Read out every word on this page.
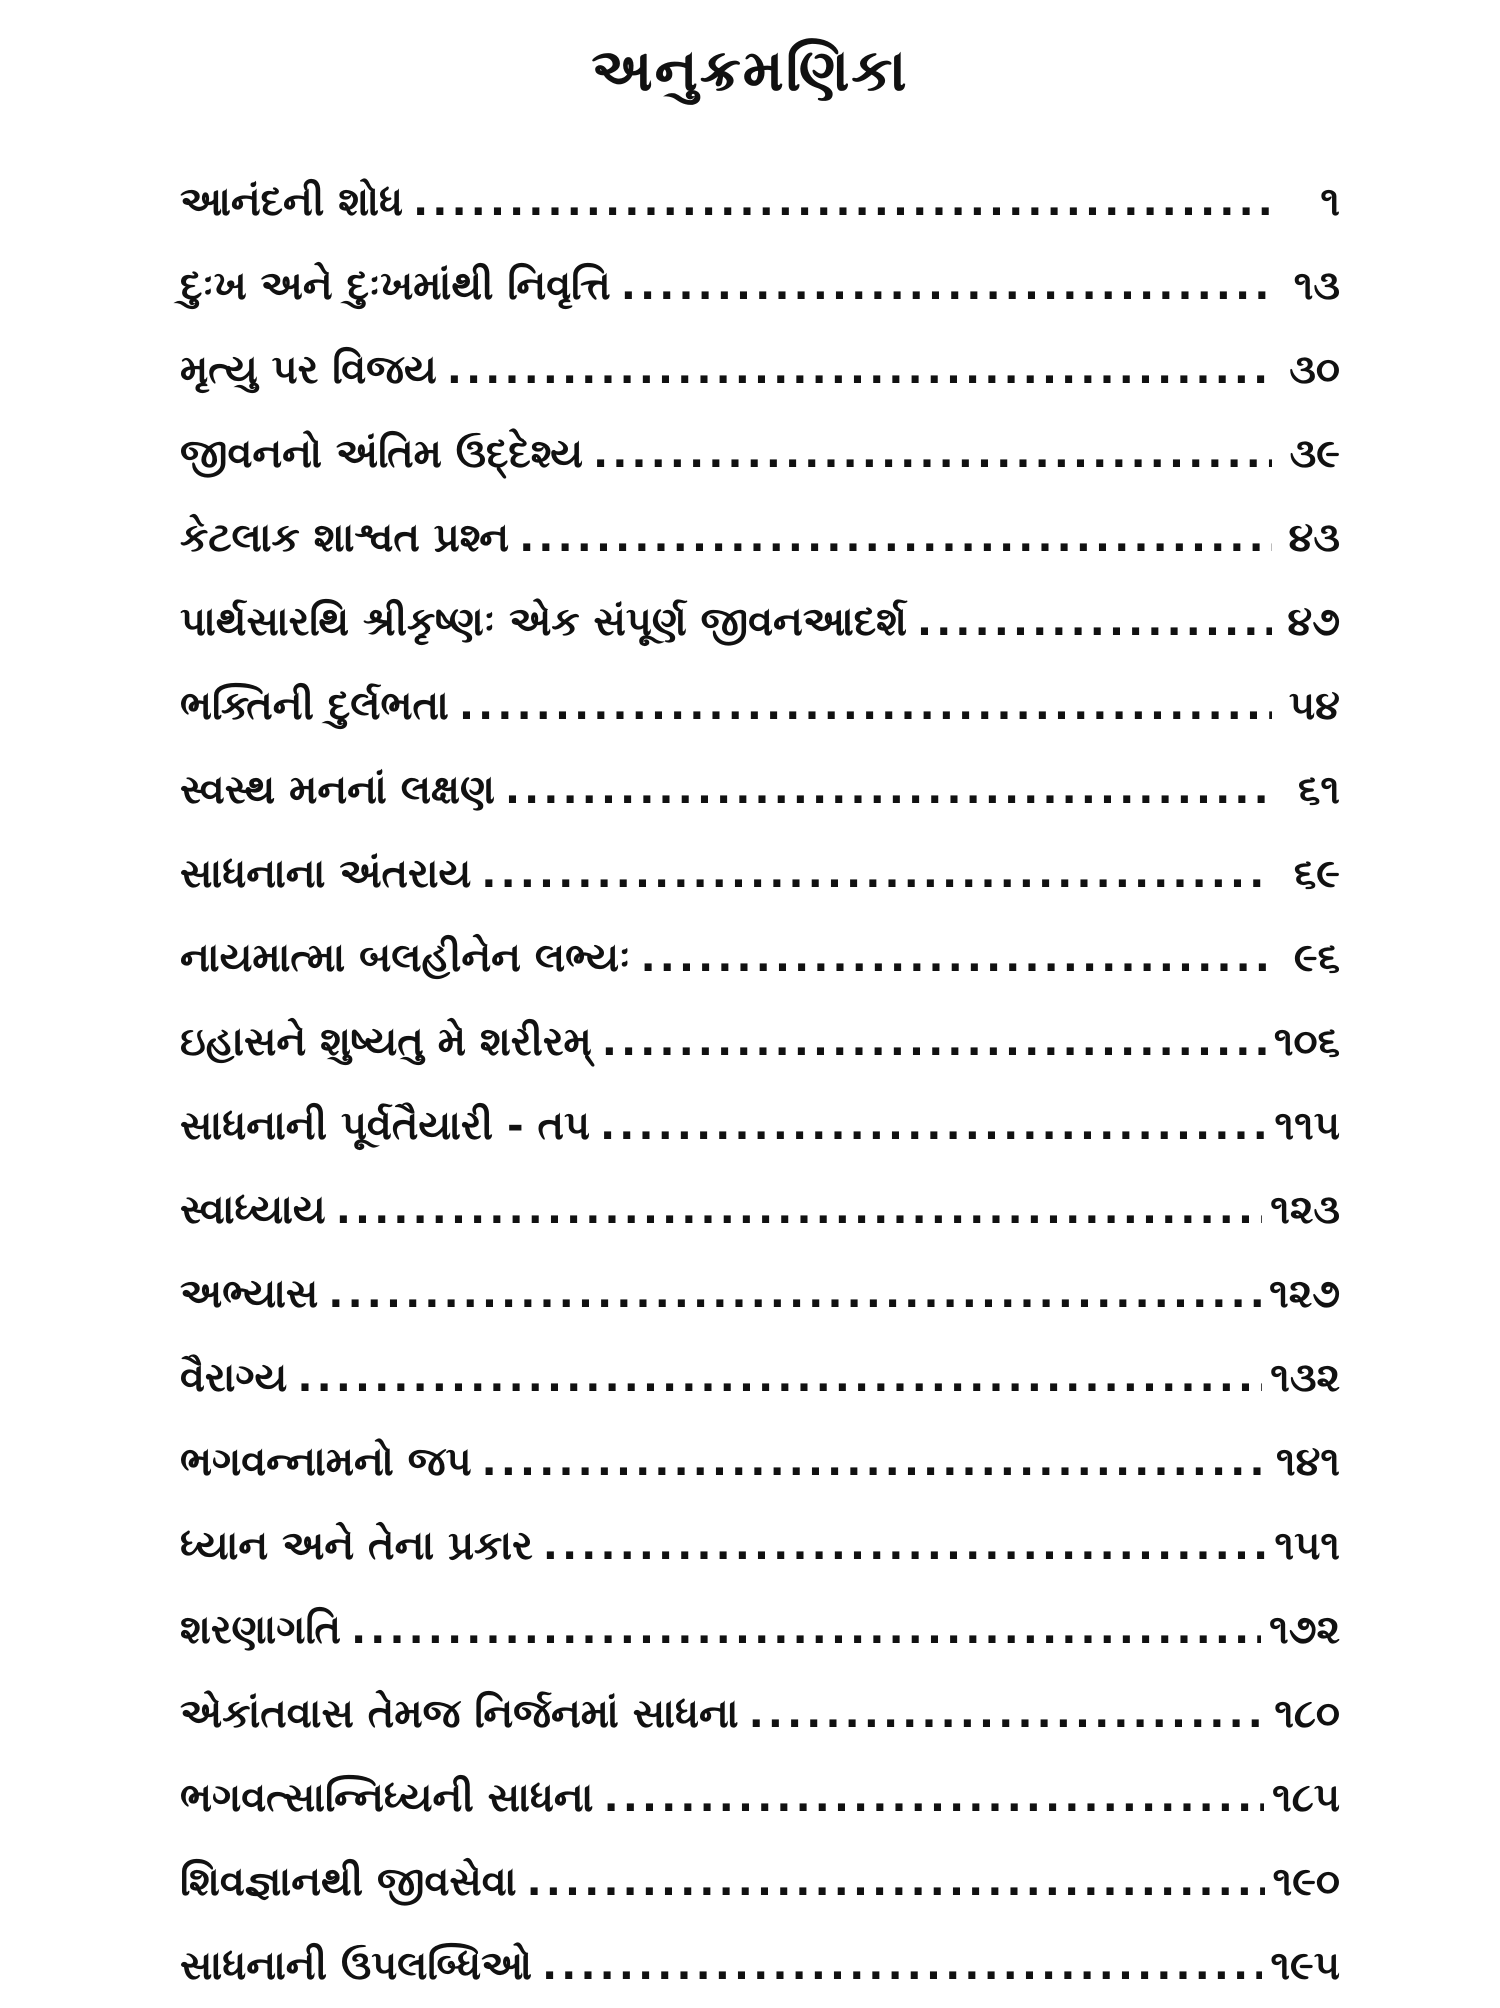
અનુક્રમણિકા
આનંદની શોધ .....	૧
દુઃખ અને દુઃખમાંથી નિવૃત્તિ .....	૧૩
મૃત્યુ પર વિજય .....	૩૦
જીવનનો અંતિમ ઉદ્દેશ્ય .....	૩૯
કેટલાક શાશ્વત પ્રશ્ન .....	૪૩
પાર્થસારથિ શ્રીકૃષ્ણઃ એક સંપૂર્ણ જીવનઆદર્શ .....	૪૭
ભક્તિની દુર્લભતા .....	૫૪
સ્વસ્થ મનનાં લક્ષણ .....	૬૧
સાધનાના અંતરાય .....	૬૯
નાયમાત્મા બલહીનેન લભ્યઃ .....	૯૬
ઇહાસને શુષ્યતુ મે શરીરમ્ .....	૧૦૬
સાધનાની પૂર્વતૈયારી - તપ .....	૧૧૫
સ્વાધ્યાય .....	૧૨૩
અભ્યાસ .....	૧૨૭
વૈરાગ્ય .....	૧૩૨
ભગવન્નામનો જપ .....	૧૪૧
ધ્યાન અને તેના પ્રકાર .....	૧૫૧
શરણાગતિ .....	૧૭૨
એકાંતવાસ તેમજ નિર્જનમાં સાધના .....	૧૮૦
ભગવત્સાન્નિધ્યની સાધના .....	૧૮૫
શિવજ્ઞાનથી જીવસેવા .....	૧૯૦
સાધનાની ઉપલબ્ધિઓ .....	૧૯૫
